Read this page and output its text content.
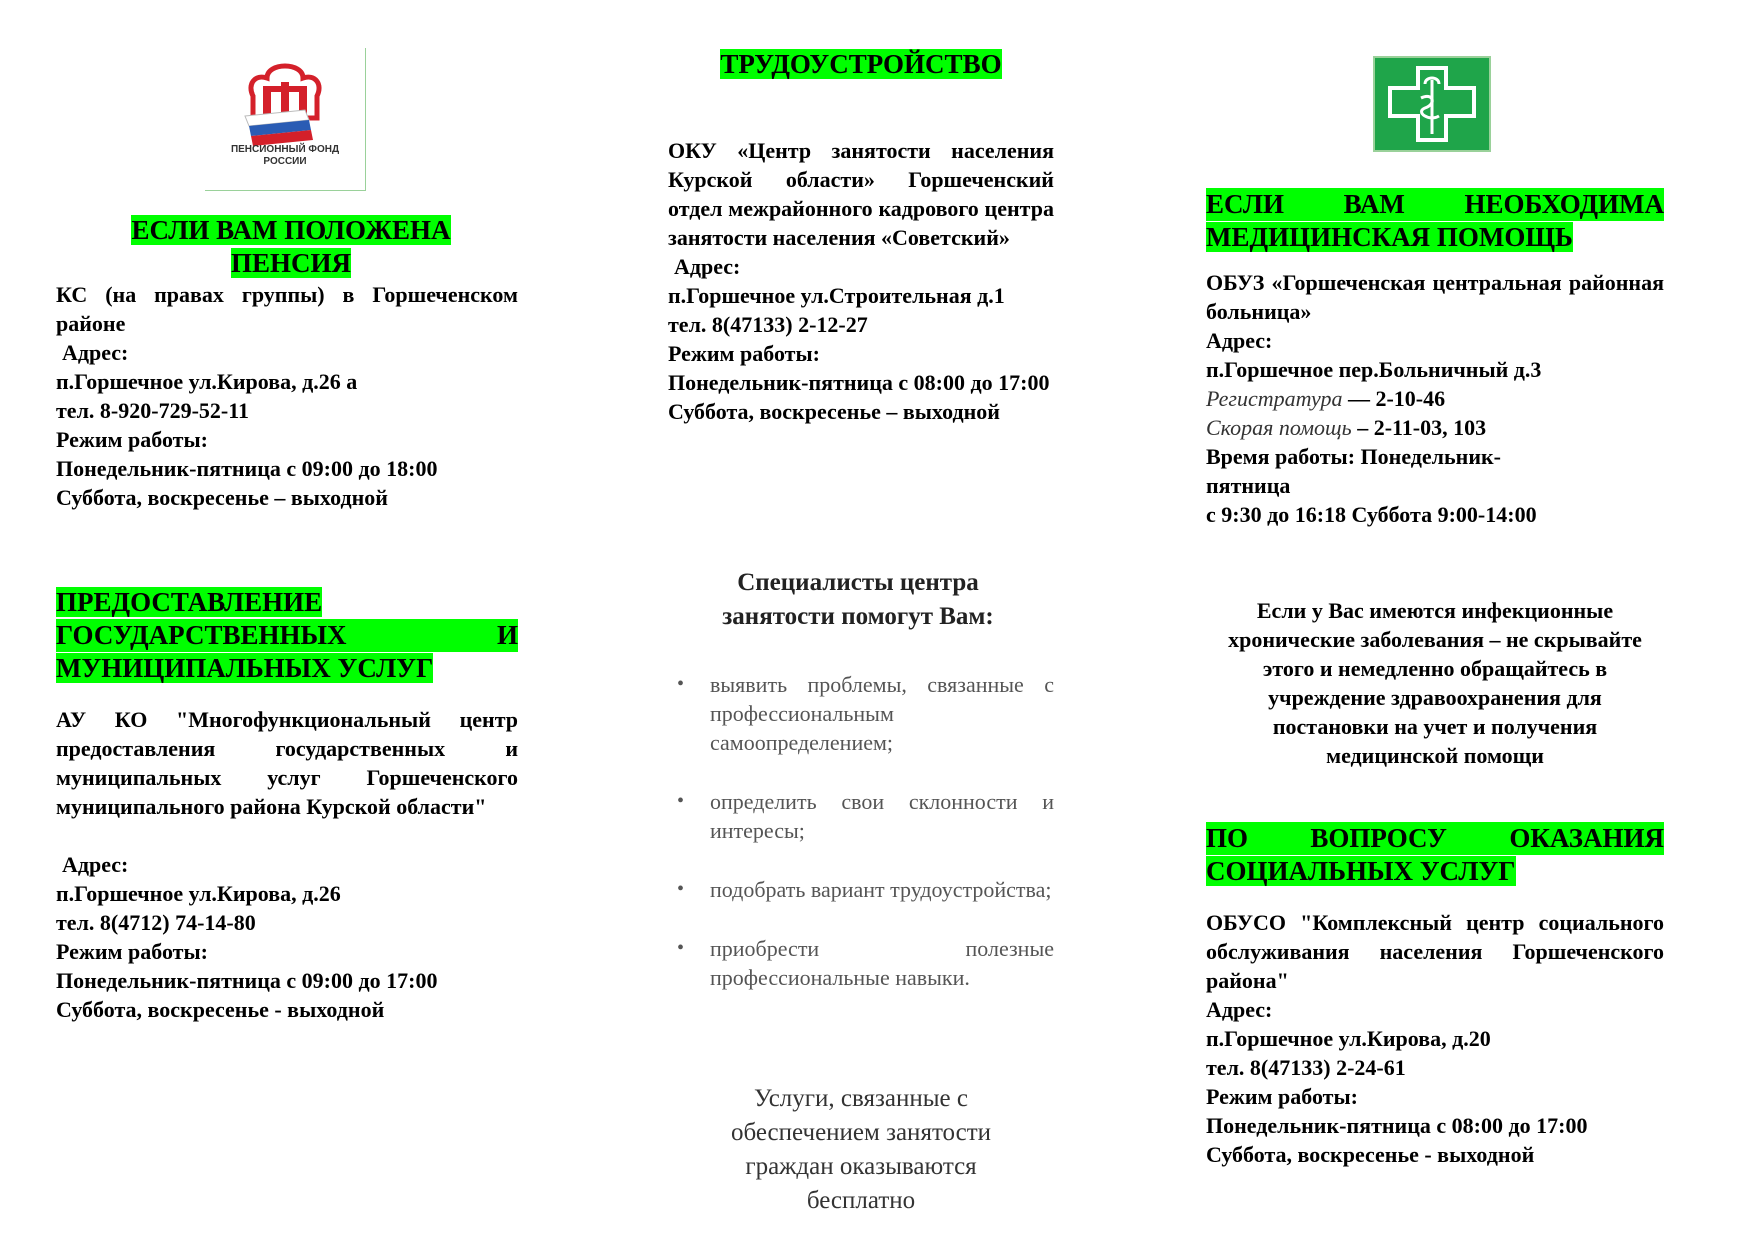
ПЕНСИОННЫЙ ФОНД
РОССИИ
ЕСЛИ ВАМ ПОЛОЖЕНА
ПЕНСИЯ

КС (на правах группы) в Горшеченском районе

Адрес:

п.Горшечное ул.Кирова, д.26 а

тел. 8-920-729-52-11

Режим работы:

Понедельник-пятница с 09:00 до 18:00

Суббота, воскресенье – выходной

ПРЕДОСТАВЛЕНИЕ
ГОСУДАРСТВЕННЫХ И
МУНИЦИПАЛЬНЫХ УСЛУГ

АУ КО "Многофункциональный центр предоставления государственных и муниципальных услуг Горшеченского муниципального района Курской области"

Адрес:

п.Горшечное ул.Кирова, д.26

тел. 8(4712) 74-14-80

Режим работы:

Понедельник-пятница с 09:00 до 17:00

Суббота, воскресенье - выходной

ТРУДОУСТРОЙСТВО

ОКУ «Центр занятости населения Курской области» Горшеченский отдел межрайонного кадрового центра занятости населения «Советский»

Адрес:

п.Горшечное ул.Строительная д.1

тел. 8(47133) 2-12-27

Режим работы:

Понедельник-пятница с 08:00 до 17:00

Суббота, воскресенье – выходной

Специалисты центра занятости помогут Вам:

• выявить проблемы, связанные с профессиональным самоопределением;
• определить свои склонности и интересы;
• подобрать вариант трудоустройства;
• приобрести полезные профессиональные навыки.

Услуги, связанные с обеспечением занятости граждан оказываются бесплатно

ЕСЛИ ВАМ НЕОБХОДИМА
МЕДИЦИНСКАЯ ПОМОЩЬ

ОБУЗ «Горшеченская центральная районная больница»

Адрес:

п.Горшечное пер.Больничный д.3

Регистратура — 2-10-46

Скорая помощь – 2-11-03, 103

Время работы: Понедельник-пятница

с 9:30 до 16:18 Суббота 9:00-14:00

Если у Вас имеются инфекционные хронические заболевания – не скрывайте этого и немедленно обращайтесь в учреждение здравоохранения для постановки на учет и получения медицинской помощи

ПО ВОПРОСУ ОКАЗАНИЯ
СОЦИАЛЬНЫХ УСЛУГ

ОБУСО "Комплексный центр социального обслуживания населения Горшеченского района"

Адрес:

п.Горшечное ул.Кирова, д.20

тел. 8(47133) 2-24-61

Режим работы:

Понедельник-пятница с 08:00 до 17:00

Суббота, воскресенье - выходной
